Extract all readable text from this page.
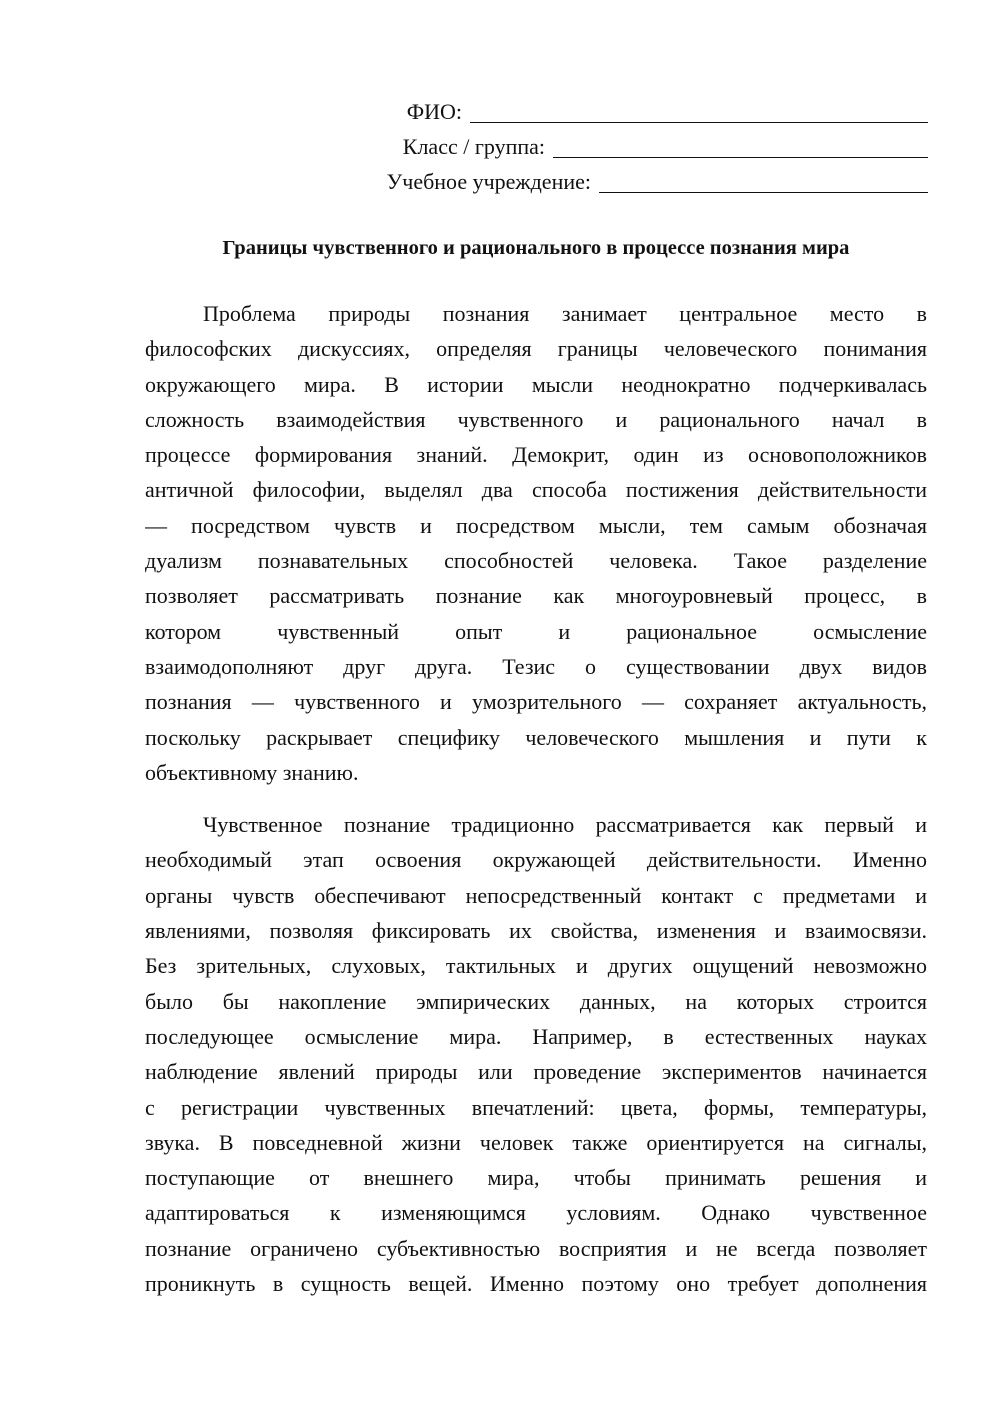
ФИО:
Класс / группа:
Учебное учреждение:
Границы чувственного и рационального в процессе познания мира
Проблема природы познания занимает центральное место в
философских дискуссиях, определяя границы человеческого понимания
окружающего мира. В истории мысли неоднократно подчеркивалась
сложность взаимодействия чувственного и рационального начал в
процессе формирования знаний. Демокрит, один из основоположников
античной философии, выделял два способа постижения действительности
— посредством чувств и посредством мысли, тем самым обозначая
дуализм познавательных способностей человека. Такое разделение
позволяет рассматривать познание как многоуровневый процесс, в
котором чувственный опыт и рациональное осмысление
взаимодополняют друг друга. Тезис о существовании двух видов
познания — чувственного и умозрительного — сохраняет актуальность,
поскольку раскрывает специфику человеческого мышления и пути к
объективному знанию.
Чувственное познание традиционно рассматривается как первый и
необходимый этап освоения окружающей действительности. Именно
органы чувств обеспечивают непосредственный контакт с предметами и
явлениями, позволяя фиксировать их свойства, изменения и взаимосвязи.
Без зрительных, слуховых, тактильных и других ощущений невозможно
было бы накопление эмпирических данных, на которых строится
последующее осмысление мира. Например, в естественных науках
наблюдение явлений природы или проведение экспериментов начинается
с регистрации чувственных впечатлений: цвета, формы, температуры,
звука. В повседневной жизни человек также ориентируется на сигналы,
поступающие от внешнего мира, чтобы принимать решения и
адаптироваться к изменяющимся условиям. Однако чувственное
познание ограничено субъективностью восприятия и не всегда позволяет
проникнуть в сущность вещей. Именно поэтому оно требует дополнения
